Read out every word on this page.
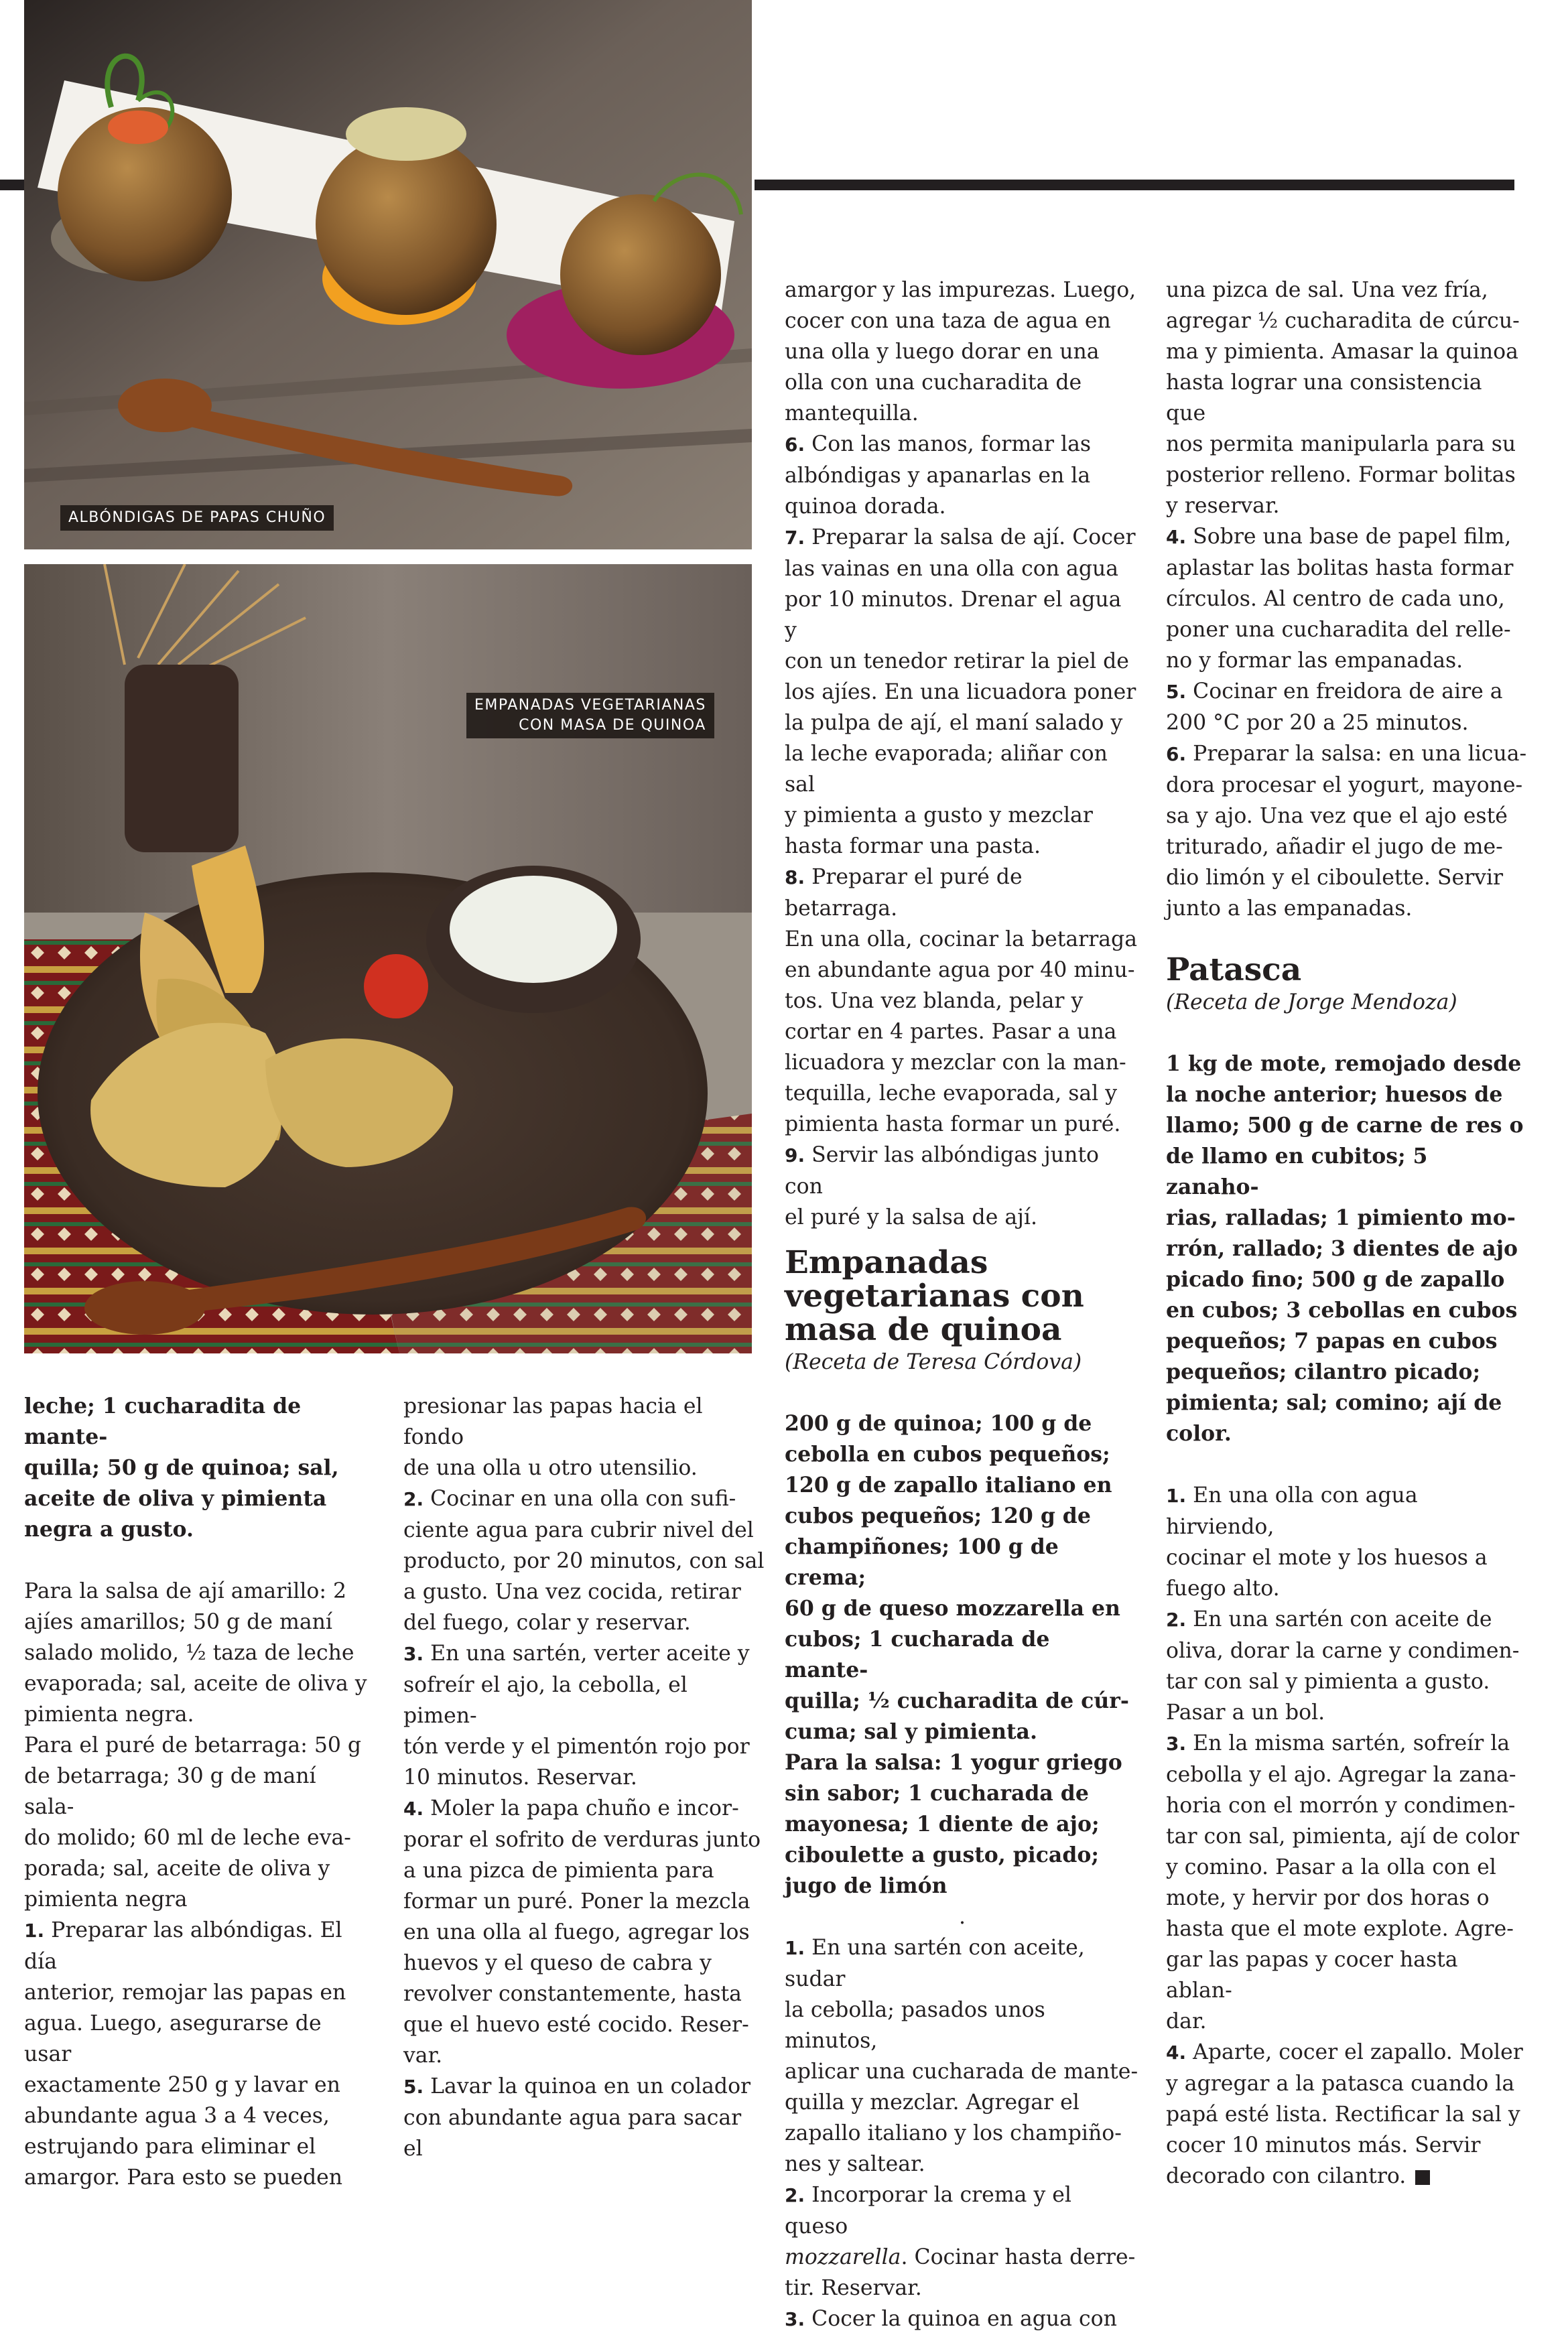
ALBÓNDIGAS DE PAPAS CHUÑO
EMPANADAS VEGETARIANAS
CON MASA DE QUINOA

leche; 1 cucharadita de mante-

quilla; 50 g de quinoa; sal,

aceite de oliva y pimienta

negra a gusto.

Para la salsa de ají amarillo: 2

ajíes amarillos; 50 g de maní

salado molido, ½ taza de leche

evaporada; sal, aceite de oliva y

pimienta negra.

Para el puré de betarraga: 50 g

de betarraga; 30 g de maní sala-

do molido; 60 ml de leche eva-

porada; sal, aceite de oliva y

pimienta negra

1. Preparar las albóndigas. El día

anterior, remojar las papas en

agua. Luego, asegurarse de usar

exactamente 250 g y lavar en

abundante agua 3 a 4 veces,

estrujando para eliminar el

amargor. Para esto se pueden

presionar las papas hacia el fondo

de una olla u otro utensilio.

2. Cocinar en una olla con sufi-

ciente agua para cubrir nivel del

producto, por 20 minutos, con sal

a gusto. Una vez cocida, retirar

del fuego, colar y reservar.

3. En una sartén, verter aceite y

sofreír el ajo, la cebolla, el pimen-

tón verde y el pimentón rojo por

10 minutos. Reservar.

4. Moler la papa chuño e incor-

porar el sofrito de verduras junto

a una pizca de pimienta para

formar un puré. Poner la mezcla

en una olla al fuego, agregar los

huevos y el queso de cabra y

revolver constantemente, hasta

que el huevo esté cocido. Reser-

var.

5. Lavar la quinoa en un colador

con abundante agua para sacar el

amargor y las impurezas. Luego,

cocer con una taza de agua en

una olla y luego dorar en una

olla con una cucharadita de

mantequilla.

6. Con las manos, formar las

albóndigas y apanarlas en la

quinoa dorada.

7. Preparar la salsa de ají. Cocer

las vainas en una olla con agua

por 10 minutos. Drenar el agua y

con un tenedor retirar la piel de

los ajíes. En una licuadora poner

la pulpa de ají, el maní salado y

la leche evaporada; aliñar con sal

y pimienta a gusto y mezclar

hasta formar una pasta.

8. Preparar el puré de betarraga.

En una olla, cocinar la betarraga

en abundante agua por 40 minu-

tos. Una vez blanda, pelar y

cortar en 4 partes. Pasar a una

licuadora y mezclar con la man-

tequilla, leche evaporada, sal y

pimienta hasta formar un puré.

9. Servir las albóndigas junto con

el puré y la salsa de ají.

Empanadas
vegetarianas con
masa de quinoa

(Receta de Teresa Córdova)

200 g de quinoa; 100 g de

cebolla en cubos pequeños;

120 g de zapallo italiano en

cubos pequeños; 120 g de

champiñones; 100 g de crema;

60 g de queso mozzarella en

cubos; 1 cucharada de mante-

quilla; ½ cucharadita de cúr-

cuma; sal y pimienta.

Para la salsa: 1 yogur griego

sin sabor; 1 cucharada de

mayonesa; 1 diente de ajo;

ciboulette a gusto, picado;

jugo de limón

.

1. En una sartén con aceite, sudar

la cebolla; pasados unos minutos,

aplicar una cucharada de mante-

quilla y mezclar. Agregar el

zapallo italiano y los champiño-

nes y saltear.

2. Incorporar la crema y el queso

mozzarella. Cocinar hasta derre-

tir. Reservar.

3. Cocer la quinoa en agua con

una pizca de sal. Una vez fría,

agregar ½ cucharadita de cúrcu-

ma y pimienta. Amasar la quinoa

hasta lograr una consistencia que

nos permita manipularla para su

posterior relleno. Formar bolitas

y reservar.

4. Sobre una base de papel film,

aplastar las bolitas hasta formar

círculos. Al centro de cada uno,

poner una cucharadita del relle-

no y formar las empanadas.

5. Cocinar en freidora de aire a

200 °C por 20 a 25 minutos.

6. Preparar la salsa: en una licua-

dora procesar el yogurt, mayone-

sa y ajo. Una vez que el ajo esté

triturado, añadir el jugo de me-

dio limón y el ciboulette. Servir

junto a las empanadas.

Patasca

(Receta de Jorge Mendoza)

1 kg de mote, remojado desde

la noche anterior; huesos de

llamo; 500 g de carne de res o

de llamo en cubitos; 5 zanaho-

rias, ralladas; 1 pimiento mo-

rrón, rallado; 3 dientes de ajo

picado fino; 500 g de zapallo

en cubos; 3 cebollas en cubos

pequeños; 7 papas en cubos

pequeños; cilantro picado;

pimienta; sal; comino; ají de

color.

1. En una olla con agua hirviendo,

cocinar el mote y los huesos a

fuego alto.

2. En una sartén con aceite de

oliva, dorar la carne y condimen-

tar con sal y pimienta a gusto.

Pasar a un bol.

3. En la misma sartén, sofreír la

cebolla y el ajo. Agregar la zana-

horia con el morrón y condimen-

tar con sal, pimienta, ají de color

y comino. Pasar a la olla con el

mote, y hervir por dos horas o

hasta que el mote explote. Agre-

gar las papas y cocer hasta ablan-

dar.

4. Aparte, cocer el zapallo. Moler

y agregar a la patasca cuando la

papá esté lista. Rectificar la sal y

cocer 10 minutos más. Servir

decorado con cilantro.
